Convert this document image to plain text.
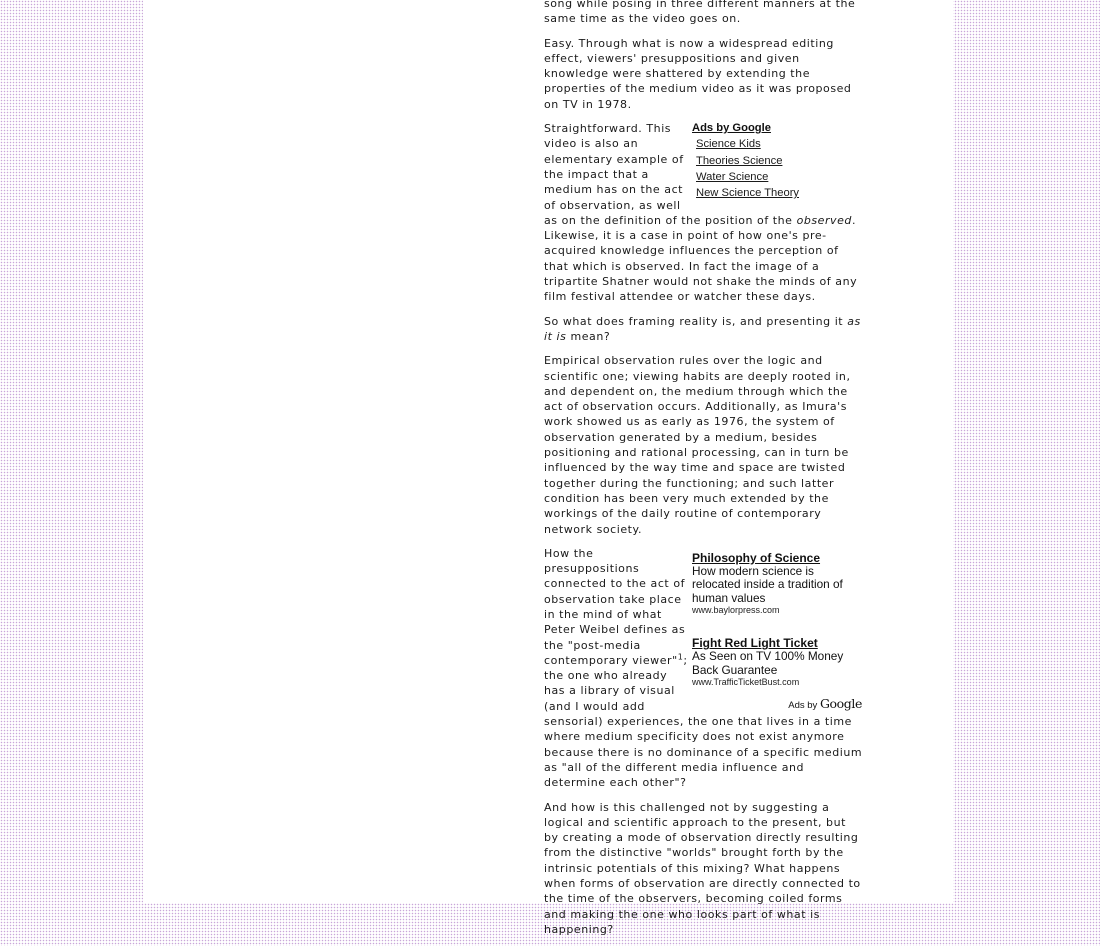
song while posing in three different manners at the same time as the video goes on.

Easy. Through what is now a widespread editing effect, viewers' presuppositions and given knowledge were shattered by extending the properties of the medium video as it was proposed on TV in 1978.

Ads by Google
Science Kids
Theories Science
Water Science
New Science Theory

Straightforward. This video is also an elementary example of the impact that a medium has on the act of observation, as well as on the definition of the position of the observed. Likewise, it is a case in point of how one's pre-acquired knowledge influences the perception of that which is observed. In fact the image of a tripartite Shatner would not shake the minds of any film festival attendee or watcher these days.

So what does framing reality is, and presenting it as it is mean?

Empirical observation rules over the logic and scientific one; viewing habits are deeply rooted in, and dependent on, the medium through which the act of observation occurs. Additionally, as Imura's work showed us as early as 1976, the system of observation generated by a medium, besides positioning and rational processing, can in turn be influenced by the way time and space are twisted together during the functioning; and such latter condition has been very much extended by the workings of the daily routine of contemporary network society.

Philosophy of Science
How modern science is relocated inside a tradition of human values
www.baylorpress.com
Fight Red Light Ticket
As Seen on TV 100% Money Back Guarantee
www.TrafficTicketBust.com
Ads by Google

How the presuppositions connected to the act of observation take place in the mind of what Peter Weibel defines as the "post-media contemporary viewer"$^1$; the one who already has a library of visual (and I would add sensorial) experiences, the one that lives in a time where medium specificity does not exist anymore because there is no dominance of a specific medium as "all of the different media influence and determine each other"?

And how is this challenged not by suggesting a logical and scientific approach to the present, but by creating a mode of observation directly resulting from the distinctive "worlds" brought forth by the intrinsic potentials of this mixing? What happens when forms of observation are directly connected to the time of the observers, becoming coiled forms and making the one who looks part of what is happening?
